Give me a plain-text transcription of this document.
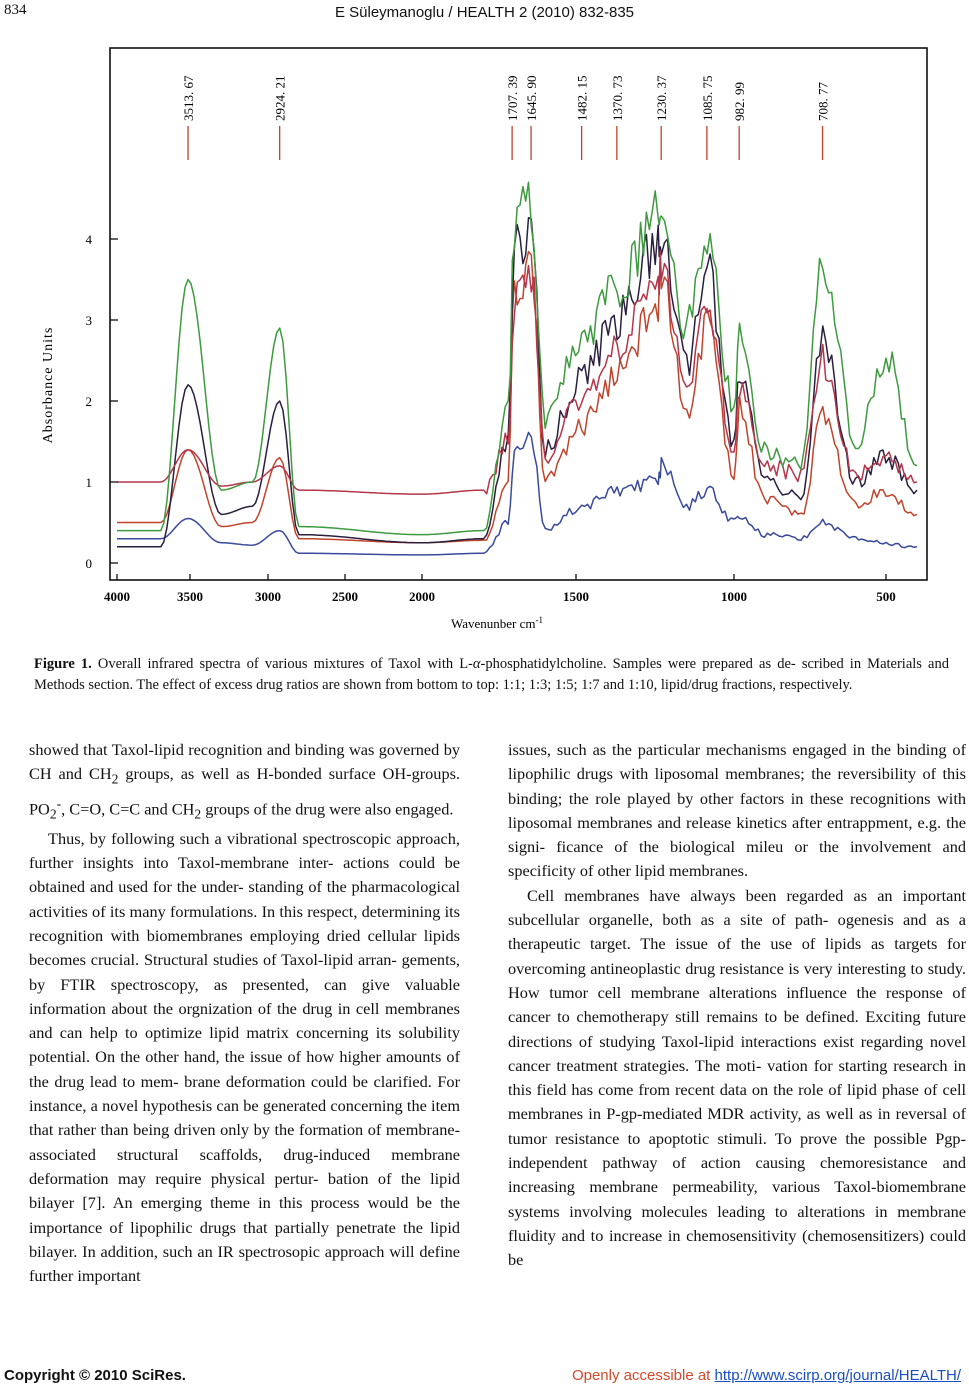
834	E Süleymanoglu / HEALTH 2 (2010) 832-835
3513. 67	2924. 21	1707. 39 1645. 90	1482. 15 1370. 73 1230. 37 1085. 75 982. 99	708. 77
0
1
2
3
4
4000	3500	3000	2500	2000	1500	1000	500
Absorbance Units
Wavenunber $cm^{-1}$
Figure 1. Overall infrared spectra of various mixtures of Taxol with L-α-phosphatidylcholine. Samples were prepared as de- scribed in Materials and Methods section. The effect of excess drug ratios are shown from bottom to top: 1:1; 1:3; 1:5; 1:7 and 1:10, lipid/drug fractions, respectively.

showed that Taxol-lipid recognition and binding was governed by CH and $CH_2$ groups, as well as H-bonded surface OH-groups. $PO_2^-$, C=O, C=C and $CH_2$ groups of the drug were also engaged.

Thus, by following such a vibrational spectroscopic approach, further insights into Taxol-membrane inter- actions could be obtained and used for the under- standing of the pharmacological activities of its many formulations. In this respect, determining its recognition with biomembranes employing dried cellular lipids becomes crucial. Structural studies of Taxol-lipid arran- gements, by FTIR spectroscopy, as presented, can give valuable information about the orgnization of the drug in cell membranes and can help to optimize lipid matrix concerning its solubility potential. On the other hand, the issue of how higher amounts of the drug lead to mem- brane deformation could be clarified. For instance, a novel hypothesis can be generated concerning the item that rather than being driven only by the formation of membrane-associated structural scaffolds, drug-induced membrane deformation may require physical pertur- bation of the lipid bilayer [7]. An emerging theme in this process would be the importance of lipophilic drugs that partially penetrate the lipid bilayer. In addition, such an IR spectrosopic approach will define further important

issues, such as the particular mechanisms engaged in the binding of lipophilic drugs with liposomal membranes; the reversibility of this binding; the role played by other factors in these recognitions with liposomal membranes and release kinetics after entrappment, e.g. the signi- ficance of the biological mileu or the involvement and specificity of other lipid membranes.

Cell membranes have always been regarded as an important subcellular organelle, both as a site of path- ogenesis and as a therapeutic target. The issue of the use of lipids as targets for overcoming antineoplastic drug resistance is very interesting to study. How tumor cell membrane alterations influence the response of cancer to chemotherapy still remains to be defined. Exciting future directions of studying Taxol-lipid interactions exist regarding novel cancer treatment strategies. The moti- vation for starting research in this field has come from recent data on the role of lipid phase of cell membranes in P-gp-mediated MDR activity, as well as in reversal of tumor resistance to apoptotic stimuli. To prove the possible Pgp-independent pathway of action causing chemoresistance and increasing membrane permeability, various Taxol-biomembrane systems involving molecules leading to alterations in membrane fluidity and to increase in chemosensitivity (chemosensitizers) could be

Copyright © 2010 SciRes.	Openly accessible at http://www.scirp.org/journal/HEALTH/
